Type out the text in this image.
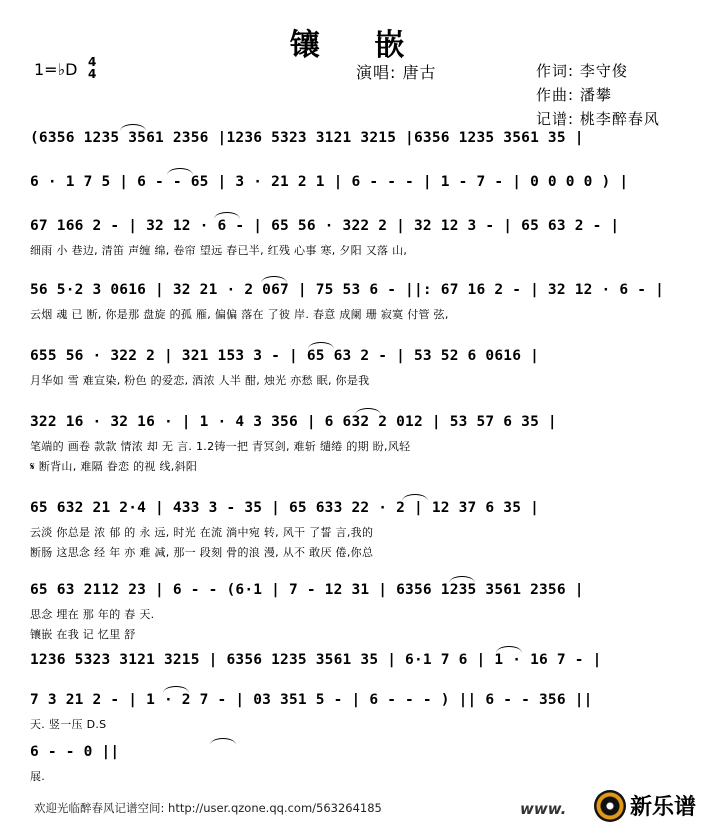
镶 嵌
1=♭D 4
4	演唱: 唐古	作词: 李守俊
作曲: 潘攀
记谱: 桃李醉春风
(6356 1235 3561 2356 |1236 5323 3121 3215 |6356 1235 3561 35 |
6 · 1 7 5 | 6 - - 65 | 3 · 21 2 1 | 6 - - - | 1 - 7 - | 0 0 0 0 ) |
67 166 2 - | 32 12 · 6 - | 65 56 · 322 2 | 32 12 3 - | 65 63 2 - |
细雨 小 巷边, 清笛 声缠 绵, 卷帘 望远 春已半, 红残 心事 寒, 夕阳 又落 山,
56 5·2 3 0616 | 32 21 · 2 067 | 75 53 6 - ||: 67 16 2 - | 32 12 · 6 - |
云烟 魂 已 断, 你是那 盘旋 的孤 雁, 偏偏 落在 了彼 岸. 春意 成阑 珊 寂寞 付管 弦,
655 56 · 322 2 | 321 153 3 - | 65 63 2 - | 53 52 6 0616 |
月华如 雪 难宣染, 粉色 的爱恋, 酒浓 人半 酣, 烛光 亦愁 眠, 你是我
322 16 · 32 16 · | 1 · 4 3 356 | 6 632 2 012 | 53 57 6 35 |
笔端的 画卷 款款 情浓 却 无 言. 1.2铸一把 青冥剑, 难斩 缱绻 的期 盼,风轻
𝄋 断背山, 难隔 眷恋 的视 线,斜阳
65 632 21 2·4 | 433 3 - 35 | 65 633 22 · 2 | 12 37 6 35 |
云淡 你总是 浓 郁 的 永 远, 时光 在流 淌中宛 转, 风干 了誓 言,我的
断肠 这思念 经 年 亦 难 减, 那一 段刻 骨的浪 漫, 从不 敢厌 倦,你总
65 63 2112 23 | 6 - - (6·1 | 7 - 12 31 | 6356 1235 3561 2356 |
思念 埋在 那 年的 春 天.
镶嵌 在我 记 忆里 舒
1236 5323 3121 3215 | 6356 1235 3561 35 | 6·1 7 6 | 1 · 16 7 - |
7 3 21 2 - | 1 · 2 7 - | 03 351 5 - | 6 - - - ) || 6 - - 356 ||
天. 竖一压 D.S
6 - - 0 ||
展.
欢迎光临醉春风记谱空间: http://user.qzone.qq.com/563264185	www.	新乐谱
